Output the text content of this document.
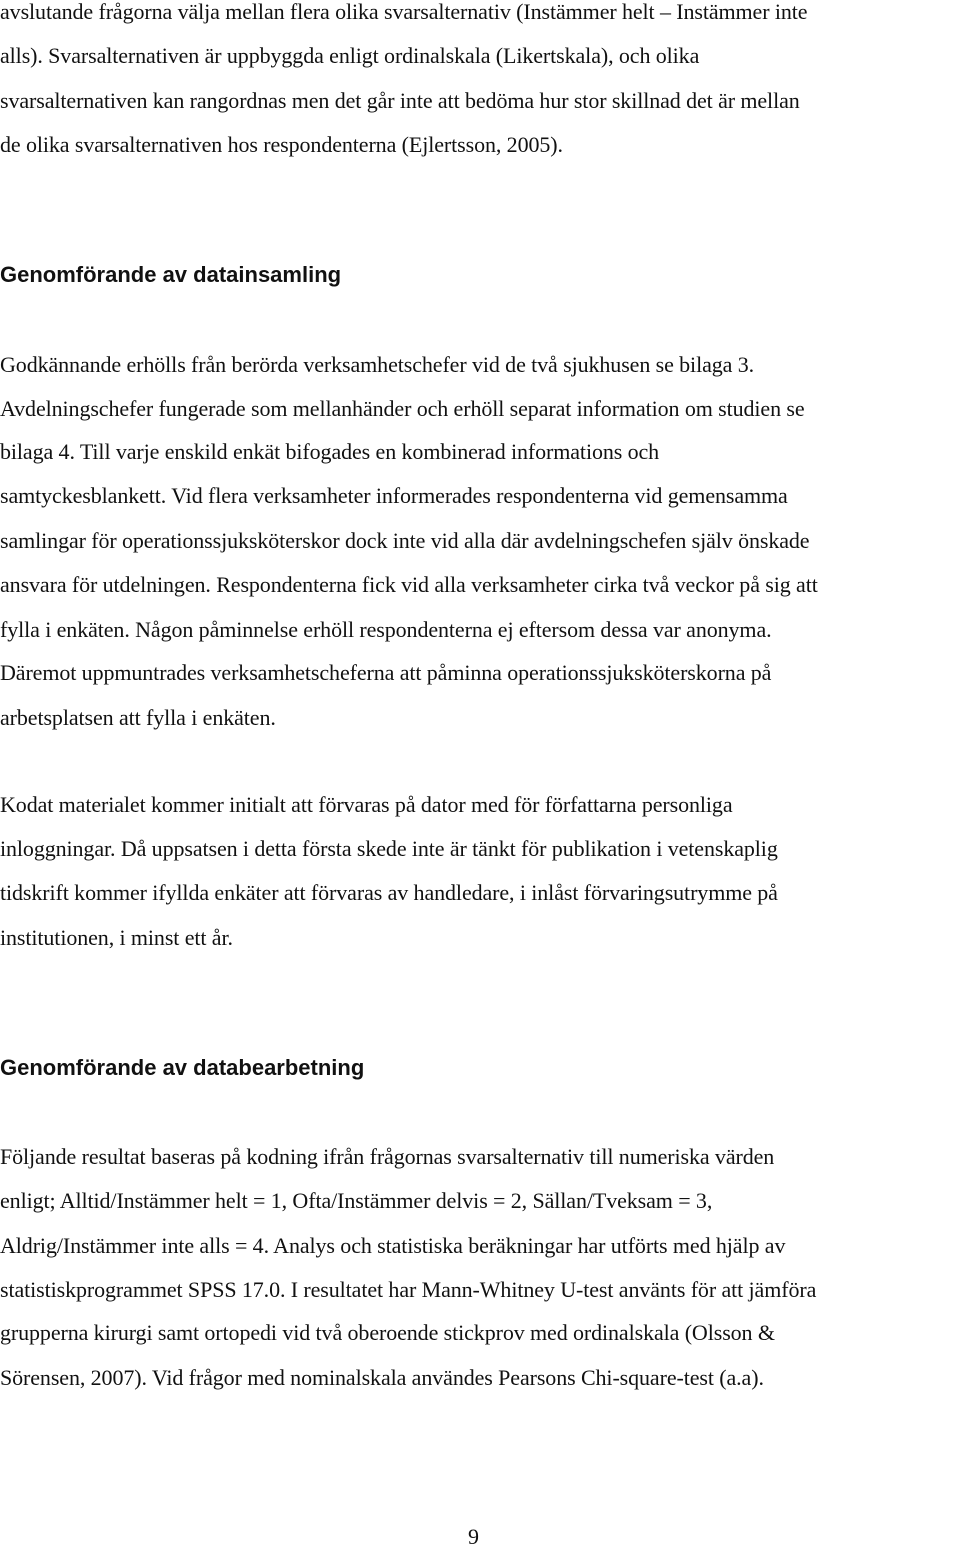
avslutande frågorna välja mellan flera olika svarsalternativ (Instämmer helt – Instämmer inte
alls). Svarsalternativen är uppbyggda enligt ordinalskala (Likertskala), och olika
svarsalternativen kan rangordnas men det går inte att bedöma hur stor skillnad det är mellan
de olika svarsalternativen hos respondenterna (Ejlertsson, 2005).
Genomförande av datainsamling
Godkännande erhölls från berörda verksamhetschefer vid de två sjukhusen se bilaga 3.
Avdelningschefer fungerade som mellanhänder och erhöll separat information om studien se
bilaga 4. Till varje enskild enkät bifogades en kombinerad informations och
samtyckesblankett. Vid flera verksamheter informerades respondenterna vid gemensamma
samlingar för operationssjuksköterskor dock inte vid alla där avdelningschefen själv önskade
ansvara för utdelningen. Respondenterna fick vid alla verksamheter cirka två veckor på sig att
fylla i enkäten. Någon påminnelse erhöll respondenterna ej eftersom dessa var anonyma.
Däremot uppmuntrades verksamhetscheferna att påminna operationssjuksköterskorna på
arbetsplatsen att fylla i enkäten.
Kodat materialet kommer initialt att förvaras på dator med för författarna personliga
inloggningar. Då uppsatsen i detta första skede inte är tänkt för publikation i vetenskaplig
tidskrift kommer ifyllda enkäter att förvaras av handledare, i inlåst förvaringsutrymme på
institutionen, i minst ett år.
Genomförande av databearbetning
Följande resultat baseras på kodning ifrån frågornas svarsalternativ till numeriska värden
enligt; Alltid/Instämmer helt = 1, Ofta/Instämmer delvis = 2, Sällan/Tveksam = 3,
Aldrig/Instämmer inte alls = 4. Analys och statistiska beräkningar har utförts med hjälp av
statistiskprogrammet SPSS 17.0. I resultatet har Mann-Whitney U-test använts för att jämföra
grupperna kirurgi samt ortopedi vid två oberoende stickprov med ordinalskala (Olsson &
Sörensen, 2007). Vid frågor med nominalskala användes Pearsons Chi-square-test (a.a).
9
